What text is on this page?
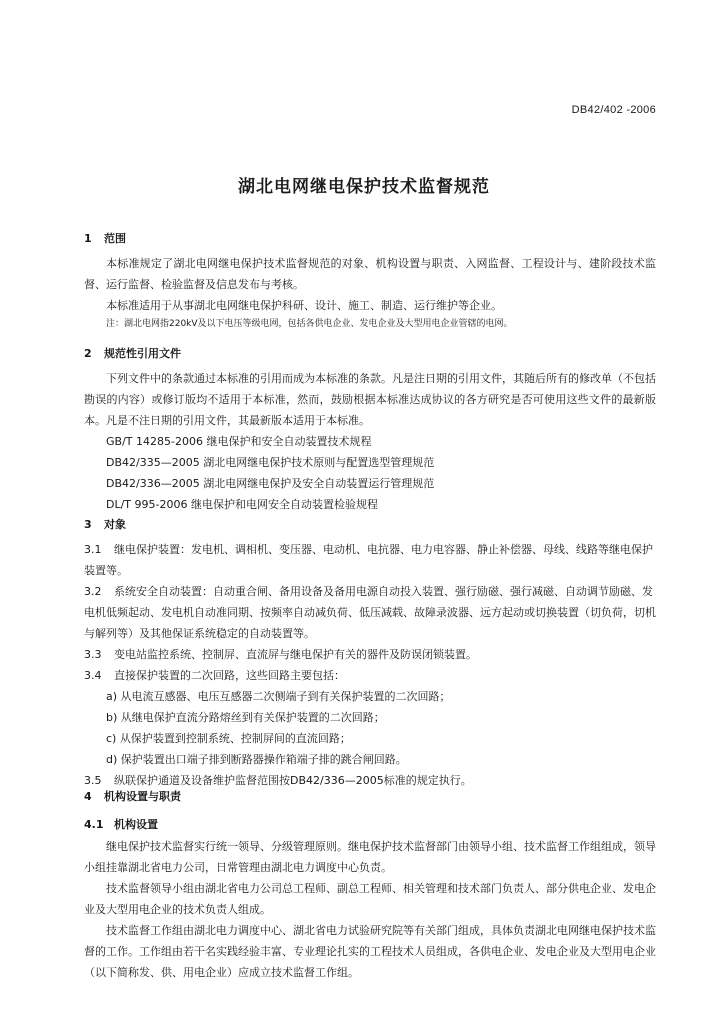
DB42/402 -2006
湖北电网继电保护技术监督规范
1 范围
本标准规定了湖北电网继电保护技术监督规范的对象、机构设置与职责、入网监督、工程设计与、建阶段技术监督、运行监督、检验监督及信息发布与考核。
本标准适用于从事湖北电网继电保护科研、设计、施工、制造、运行维护等企业。
注：湖北电网指220kV及以下电压等级电网，包括各供电企业、发电企业及大型用电企业管辖的电网。
2 规范性引用文件
下列文件中的条款通过本标准的引用而成为本标准的条款。凡是注日期的引用文件，其随后所有的修改单（不包括勘误的内容）或修订版均不适用于本标准，然而，鼓励根据本标准达成协议的各方研究是否可使用这些文件的最新版本。凡是不注日期的引用文件，其最新版本适用于本标准。
GB/T 14285-2006 继电保护和安全自动装置技术规程
DB42/335—2005 湖北电网继电保护技术原则与配置选型管理规范
DB42/336—2005 湖北电网继电保护及安全自动装置运行管理规范
DL/T 995-2006 继电保护和电网安全自动装置检验规程
3 对象
3.1 继电保护装置：发电机、调相机、变压器、电动机、电抗器、电力电容器、静止补偿器、母线、线路等继电保护装置等。
3.2 系统安全自动装置：自动重合闸、备用设备及备用电源自动投入装置、强行励磁、强行减磁、自动调节励磁、发电机低频起动、发电机自动准同期、按频率自动减负荷、低压减载、故障录波器、远方起动或切换装置（切负荷，切机与解列等）及其他保证系统稳定的自动装置等。
3.3 变电站监控系统、控制屏、直流屏与继电保护有关的器件及防误闭锁装置。
3.4 直接保护装置的二次回路，这些回路主要包括：
a) 从电流互感器、电压互感器二次侧端子到有关保护装置的二次回路；
b) 从继电保护直流分路熔丝到有关保护装置的二次回路；
c) 从保护装置到控制系统、控制屏间的直流回路；
d) 保护装置出口端子排到断路器操作箱端子排的跳合闸回路。
3.5 纵联保护通道及设备维护监督范围按DB42/336—2005标准的规定执行。
4 机构设置与职责
4.1 机构设置
继电保护技术监督实行统一领导、分级管理原则。继电保护技术监督部门由领导小组、技术监督工作组组成，领导小组挂靠湖北省电力公司，日常管理由湖北电力调度中心负责。
技术监督领导小组由湖北省电力公司总工程师、副总工程师、相关管理和技术部门负责人、部分供电企业、发电企业及大型用电企业的技术负责人组成。
技术监督工作组由湖北电力调度中心、湖北省电力试验研究院等有关部门组成，具体负责湖北电网继电保护技术监督的工作。工作组由若干名实践经验丰富、专业理论扎实的工程技术人员组成，各供电企业、发电企业及大型用电企业（以下简称发、供、用电企业）应成立技术监督工作组。
